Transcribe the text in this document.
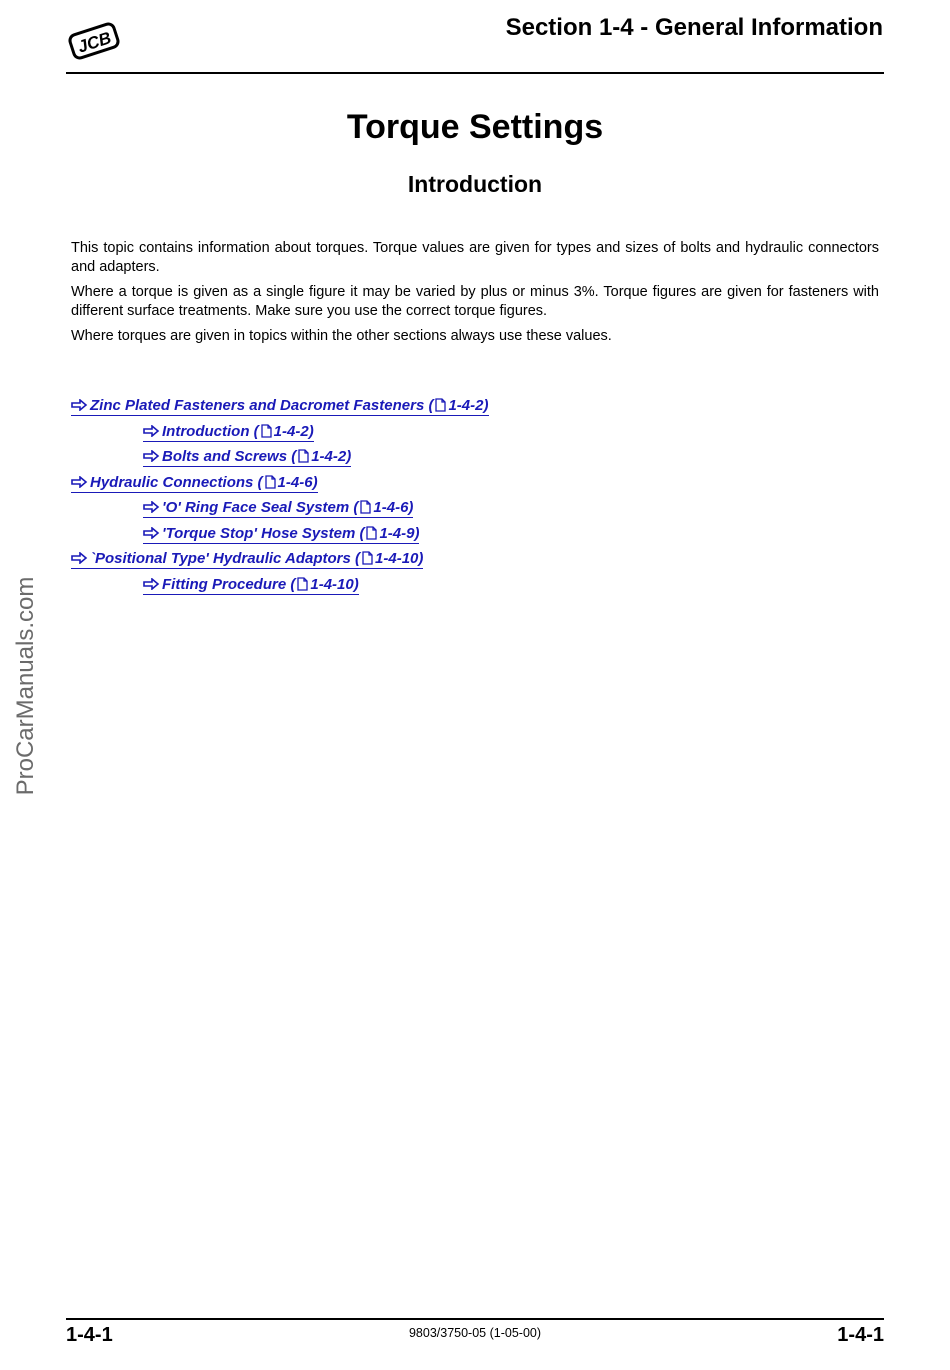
JCB
Section 1-4 - General Information
Torque Settings
Introduction

This topic contains information about torques. Torque values are given for types and sizes of bolts and hydraulic connectors and adapters.

Where a torque is given as a single figure it may be varied by plus or minus 3%. Torque figures are given for fasteners with different surface treatments. Make sure you use the correct torque figures.

Where torques are given in topics within the other sections always use these values.

Zinc Plated Fasteners and Dacromet Fasteners ( 1-4-2)
Introduction ( 1-4-2)
Bolts and Screws ( 1-4-2)
Hydraulic Connections ( 1-4-6)
'O' Ring Face Seal System ( 1-4-6)
'Torque Stop' Hose System ( 1-4-9)
`Positional Type' Hydraulic Adaptors ( 1-4-10)
Fitting Procedure ( 1-4-10)
ProCarManuals.com
1-4-1	9803/3750-05 (1-05-00)	1-4-1
